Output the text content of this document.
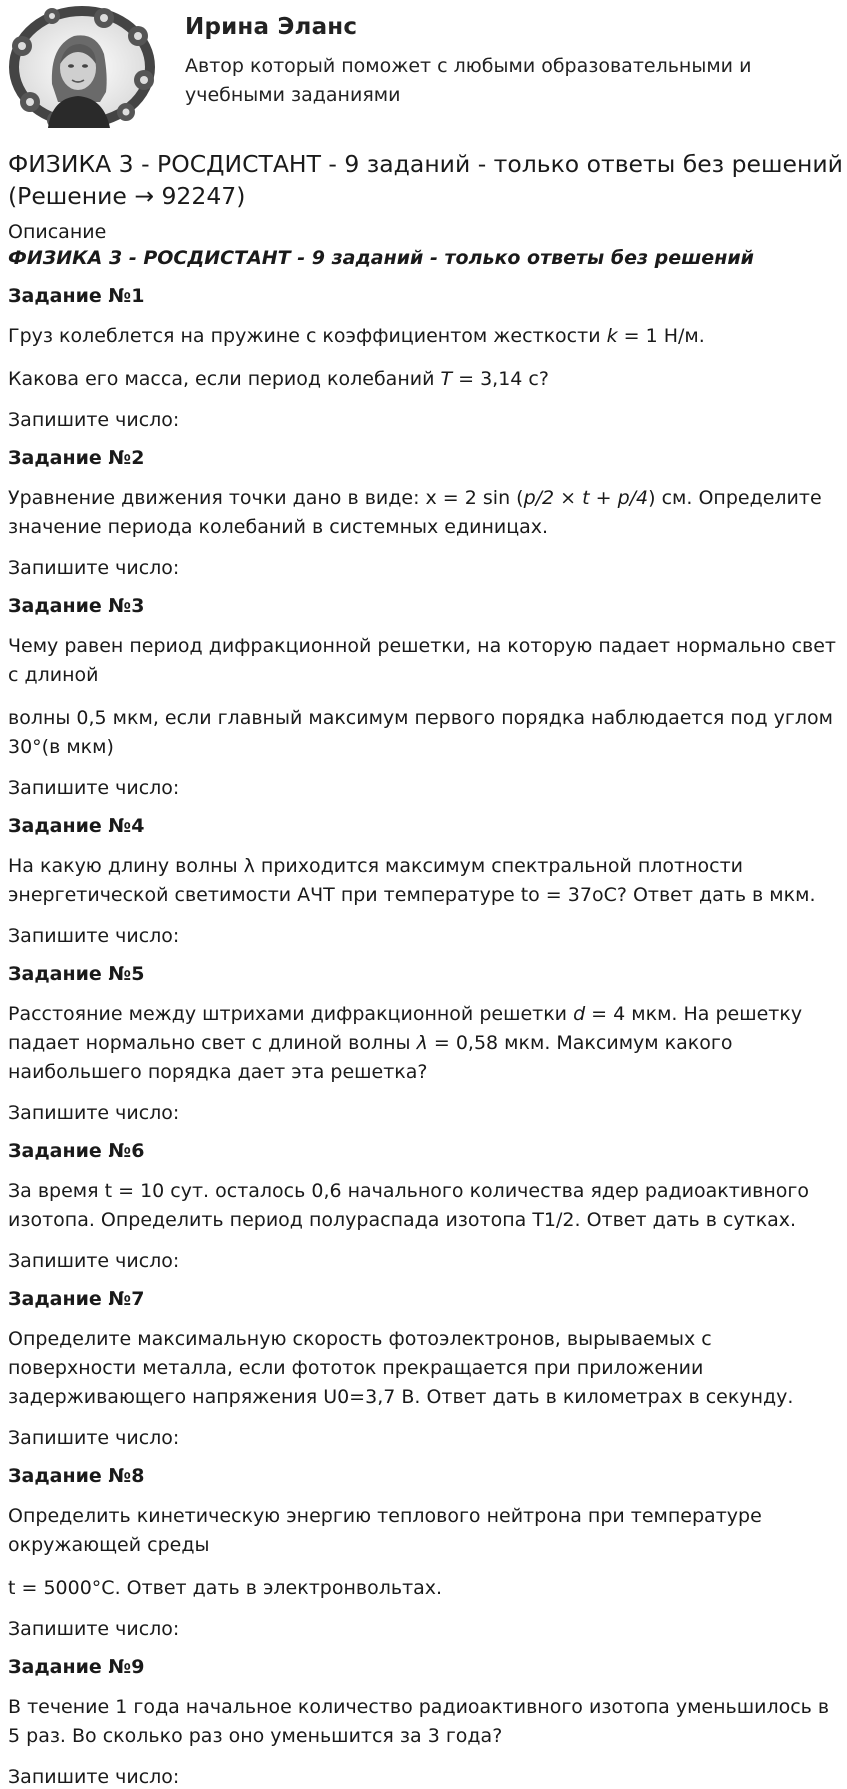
Ирина Эланс
Автор который поможет с любыми образовательными и учебными заданиями
ФИЗИКА 3 - РОСДИСТАНТ - 9 заданий - только ответы без решений (Решение → 92247)
Описание
ФИЗИКА 3 - РОСДИСТАНТ - 9 заданий - только ответы без решений
Задание №1

Груз колеблется на пружине с коэффициентом жесткости k = 1 Н/м.

Какова его масса, если период колебаний T = 3,14 с?

Запишите число:

Задание №2

Уравнение движения точки дано в виде: x = 2 sin (p/2 × t + p/4) см. Определите значение периода колебаний в системных единицах.

Запишите число:

Задание №3

Чему равен период дифракционной решетки, на которую падает нормально свет с длиной

волны 0,5 мкм, если главный максимум первого порядка наблюдается под углом 30°(в мкм)

Запишите число:

Задание №4

На какую длину волны λ приходится максимум спектральной плотности энергетической светимости АЧТ при температуре to = 37oC? Ответ дать в мкм.

Запишите число:

Задание №5

Расстояние между штрихами дифракционной решетки d = 4 мкм. На решетку падает нормально свет с длиной волны λ = 0,58 мкм. Максимум какого наибольшего порядка дает эта решетка?

Запишите число:

Задание №6

За время t = 10 сут. осталось 0,6 начального количества ядер радиоактивного изотопа. Определить период полураспада изотопа T1/2. Ответ дать в сутках.

Запишите число:

Задание №7

Определите максимальную скорость фотоэлектронов, вырываемых с поверхности металла, если фототок прекращается при приложении задерживающего напряжения U0=3,7 В. Ответ дать в километрах в секунду.

Запишите число:

Задание №8

Определить кинетическую энергию теплового нейтрона при температуре окружающей среды

t = 5000°С. Ответ дать в электронвольтах.

Запишите число:

Задание №9

В течение 1 года начальное количество радиоактивного изотопа уменьшилось в 5 раз. Во сколько раз оно уменьшится за 3 года?

Запишите число:
